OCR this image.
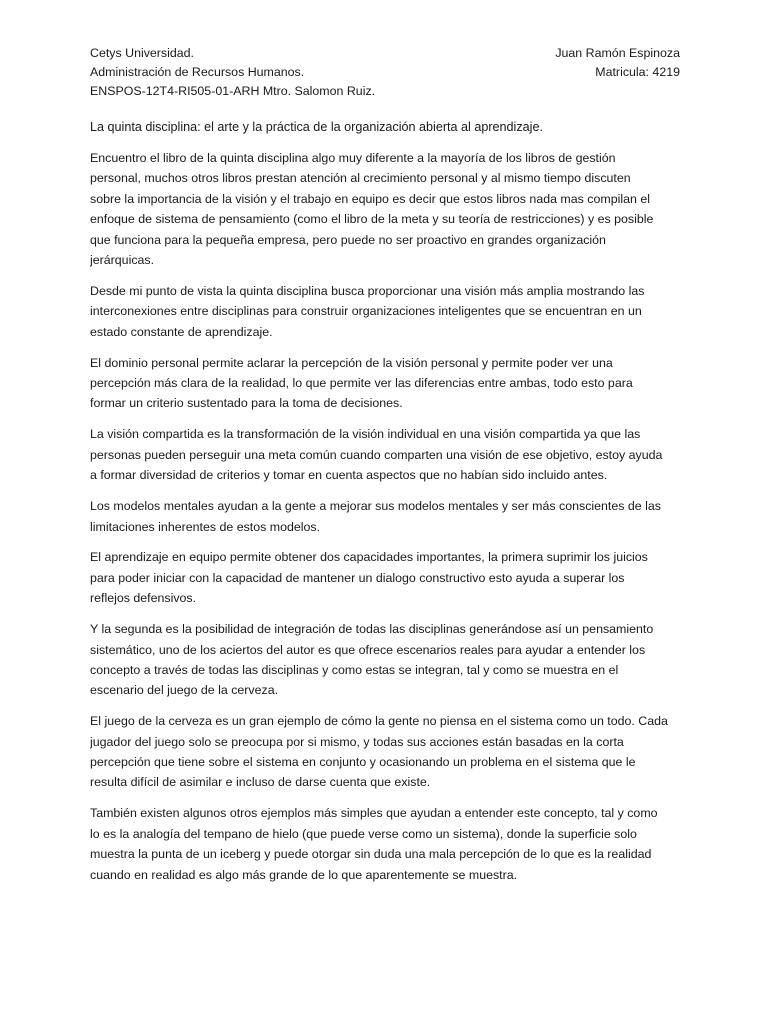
Cetys Universidad.
Administración de Recursos Humanos.
ENSPOS-12T4-RI505-01-ARH Mtro. Salomon Ruiz.
Juan Ramón Espinoza
Matricula: 4219
La quinta disciplina: el arte y la práctica de la organización abierta al aprendizaje.

Encuentro el libro de la quinta disciplina algo muy diferente a la mayoría de los libros de gestión
personal, muchos otros libros prestan atención al crecimiento personal y al mismo tiempo discuten
sobre la importancia de la visión y el trabajo en equipo es decir que estos libros nada mas compilan el
enfoque de sistema de pensamiento (como el libro de la meta y su teoría de restricciones) y es posible
que funciona para la pequeña empresa, pero puede no ser proactivo en grandes organización
jerárquicas.

Desde mi punto de vista la quinta disciplina busca proporcionar una visión más amplia mostrando las
interconexiones entre disciplinas para construir organizaciones inteligentes que se encuentran en un
estado constante de aprendizaje.

El dominio personal permite aclarar la percepción de la visión personal y permite poder ver una
percepción más clara de la realidad, lo que permite ver las diferencias entre ambas, todo esto para
formar un criterio sustentado para la toma de decisiones.

La visión compartida es la transformación de la visión individual en una visión compartida ya que las
personas pueden perseguir una meta común cuando comparten una visión de ese objetivo, estoy ayuda
a formar diversidad de criterios y tomar en cuenta aspectos que no habían sido incluido antes.

Los modelos mentales ayudan a la gente a mejorar sus modelos mentales y ser más conscientes de las
limitaciones inherentes de estos modelos.

El aprendizaje en equipo permite obtener dos capacidades importantes, la primera suprimir los juicios
para poder iniciar con la capacidad de mantener un dialogo constructivo esto ayuda a superar los
reflejos defensivos.

Y la segunda es la posibilidad de integración de todas las disciplinas generándose así un pensamiento
sistemático, uno de los aciertos del autor es que ofrece escenarios reales para ayudar a entender los
concepto a través de todas las disciplinas y como estas se integran, tal y como se muestra en el
escenario del juego de la cerveza.

El juego de la cerveza es un gran ejemplo de cómo la gente no piensa en el sistema como un todo. Cada
jugador del juego solo se preocupa por si mismo, y todas sus acciones están basadas en la corta
percepción que tiene sobre el sistema en conjunto y ocasionando un problema en el sistema que le
resulta difícil de asimilar e incluso de darse cuenta que existe.

También existen algunos otros ejemplos más simples que ayudan a entender este concepto, tal y como
lo es la analogía del tempano de hielo (que puede verse como un sistema), donde la superficie solo
muestra la punta de un iceberg y puede otorgar sin duda una mala percepción de lo que es la realidad
cuando en realidad es algo más grande de lo que aparentemente se muestra.
